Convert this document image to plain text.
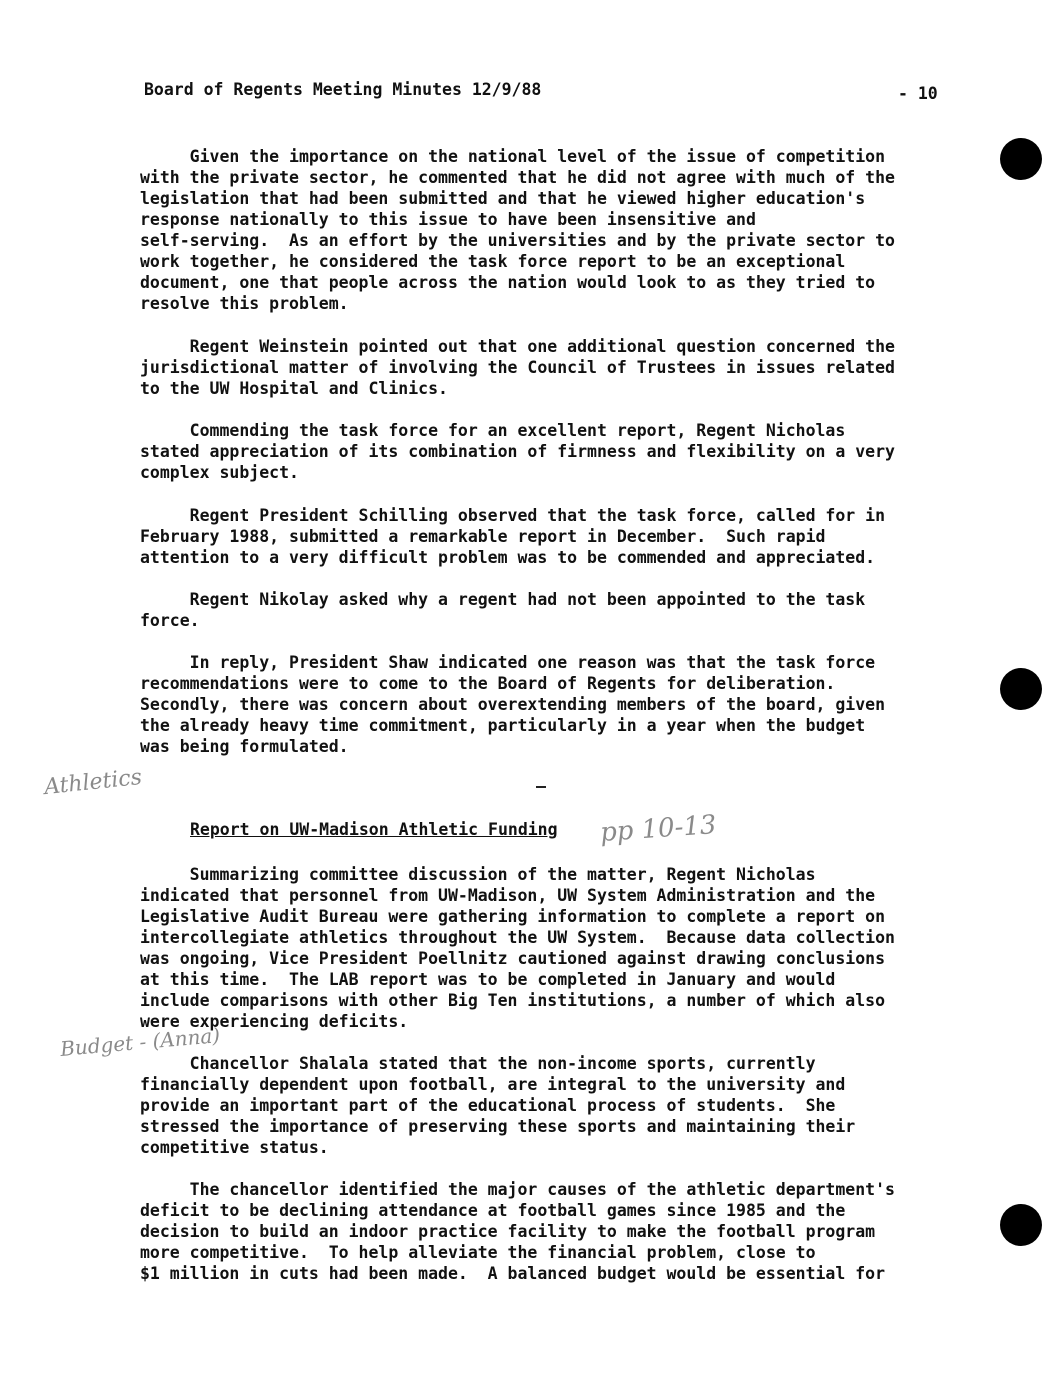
Board of Regents Meeting Minutes 12/9/88	- 10
Given the importance on the national level of the issue of competition
with the private sector, he commented that he did not agree with much of the
legislation that had been submitted and that he viewed higher education's
response nationally to this issue to have been insensitive and
self-serving.  As an effort by the universities and by the private sector to
work together, he considered the task force report to be an exceptional
document, one that people across the nation would look to as they tried to
resolve this problem.
Regent Weinstein pointed out that one additional question concerned the
jurisdictional matter of involving the Council of Trustees in issues related
to the UW Hospital and Clinics.
Commending the task force for an excellent report, Regent Nicholas
stated appreciation of its combination of firmness and flexibility on a very
complex subject.
Regent President Schilling observed that the task force, called for in
February 1988, submitted a remarkable report in December.  Such rapid
attention to a very difficult problem was to be commended and appreciated.
Regent Nikolay asked why a regent had not been appointed to the task
force.
In reply, President Shaw indicated one reason was that the task force
recommendations were to come to the Board of Regents for deliberation.
Secondly, there was concern about overextending members of the board, given
the already heavy time commitment, particularly in a year when the budget
was being formulated.
Report on UW-Madison Athletic Funding
Summarizing committee discussion of the matter, Regent Nicholas
indicated that personnel from UW-Madison, UW System Administration and the
Legislative Audit Bureau were gathering information to complete a report on
intercollegiate athletics throughout the UW System.  Because data collection
was ongoing, Vice President Poellnitz cautioned against drawing conclusions
at this time.  The LAB report was to be completed in January and would
include comparisons with other Big Ten institutions, a number of which also
were experiencing deficits.
Chancellor Shalala stated that the non-income sports, currently
financially dependent upon football, are integral to the university and
provide an important part of the educational process of students.  She
stressed the importance of preserving these sports and maintaining their
competitive status.
The chancellor identified the major causes of the athletic department's
deficit to be declining attendance at football games since 1985 and the
decision to build an indoor practice facility to make the football program
more competitive.  To help alleviate the financial problem, close to
$1 million in cuts had been made.  A balanced budget would be essential for
Athletics
pp 10-13
Budget - (Anna)
